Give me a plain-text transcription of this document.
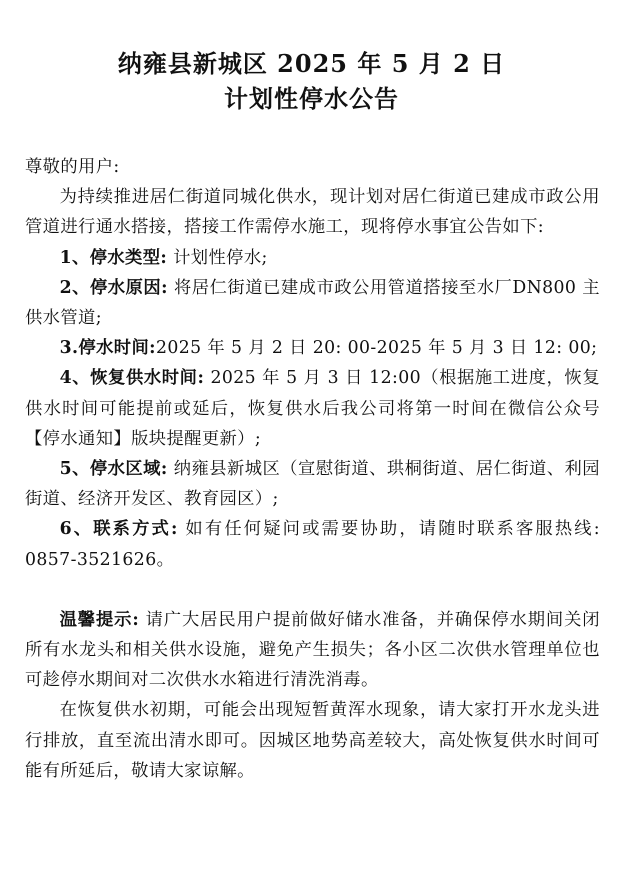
纳雍县新城区 2025 年 5 月 2 日
计划性停水公告

尊敬的用户:

为持续推进居仁街道同城化供水，现计划对居仁街道已建成市政公用管道进行通水搭接，搭接工作需停水施工，现将停水事宜公告如下:

1、停水类型: 计划性停水;

2、停水原因: 将居仁街道已建成市政公用管道搭接至水厂DN800 主供水管道;

3.停水时间:2025 年 5 月 2 日 20: 00-2025 年 5 月 3 日 12: 00;

4、恢复供水时间: 2025 年 5 月 3 日 12:00（根据施工进度，恢复供水时间可能提前或延后，恢复供水后我公司将第一时间在微信公众号【停水通知】版块提醒更新）;

5、停水区域: 纳雍县新城区（宣慰街道、珙桐街道、居仁街道、利园街道、经济开发区、教育园区）;

6、联系方式: 如有任何疑问或需要协助，请随时联系客服热线: 0857-3521626。

温馨提示: 请广大居民用户提前做好储水准备，并确保停水期间关闭所有水龙头和相关供水设施，避免产生损失；各小区二次供水管理单位也可趁停水期间对二次供水水箱进行清洗消毒。

在恢复供水初期，可能会出现短暂黄浑水现象，请大家打开水龙头进行排放，直至流出清水即可。因城区地势高差较大，高处恢复供水时间可能有所延后，敬请大家谅解。
